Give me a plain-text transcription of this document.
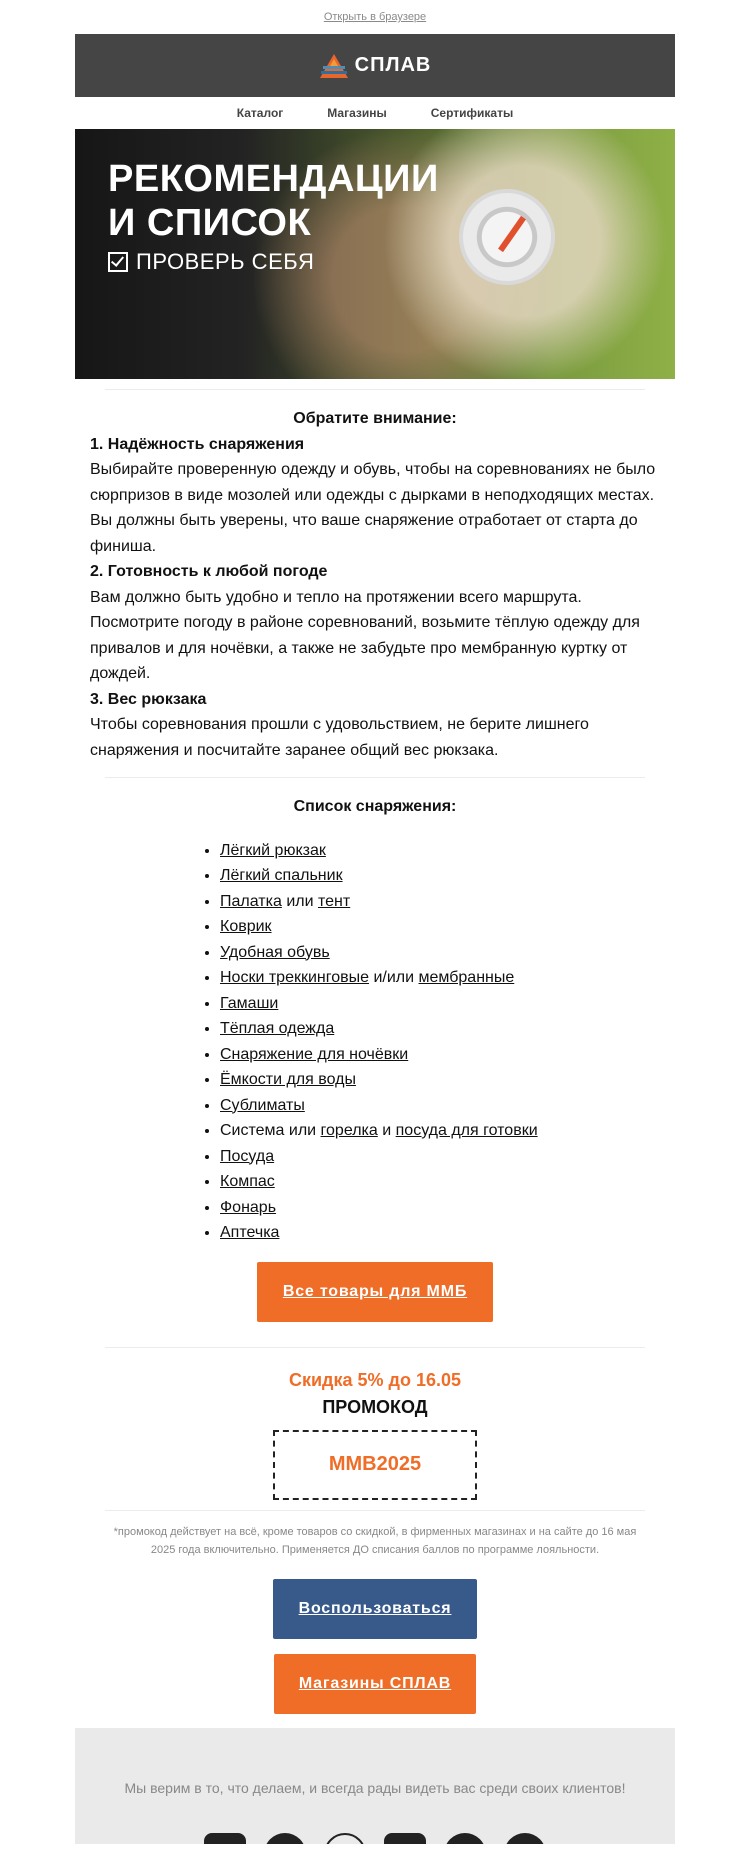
Открыть в браузере
СПЛАВ
Каталог	Магазины	Сертификаты
РЕКОМЕНДАЦИИ
И СПИСОК
ПРОВЕРЬ СЕБЯ

Обратите внимание:

1. Надёжность снаряжения

Выбирайте проверенную одежду и обувь, чтобы на соревнованиях не было сюрпризов в виде мозолей или одежды с дырками в неподходящих местах. Вы должны быть уверены, что ваше снаряжение отработает от старта до финиша.

2. Готовность к любой погоде

Вам должно быть удобно и тепло на протяжении всего маршрута. Посмотрите погоду в районе соревнований, возьмите тёплую одежду для привалов и для ночёвки, а также не забудьте про мембранную куртку от дождей.

3. Вес рюкзака

Чтобы соревнования прошли с удовольствием, не берите лишнего снаряжения и посчитайте заранее общий вес рюкзака.

Список снаряжения:

• Лёгкий рюкзак
• Лёгкий спальник
• Палатка или тент
• Коврик
• Удобная обувь
• Носки треккинговые и/или мембранные
• Гамаши
• Тёплая одежда
• Снаряжение для ночёвки
• Ёмкости для воды
• Сублиматы
• Система или горелка и посуда для готовки
• Посуда
• Компас
• Фонарь
• Аптечка
Все товары для ММБ
Скидка 5% до 16.05
ПРОМОКОД
MMB2025
*промокод действует на всё, кроме товаров со скидкой, в фирменных магазинах и на сайте до 16 мая 2025 года включительно. Применяется ДО списания баллов по программе лояльности.
Воспользоваться
Магазины СПЛАВ
Мы верим в то, что делаем, и всегда рады видеть вас среди своих клиентов!
